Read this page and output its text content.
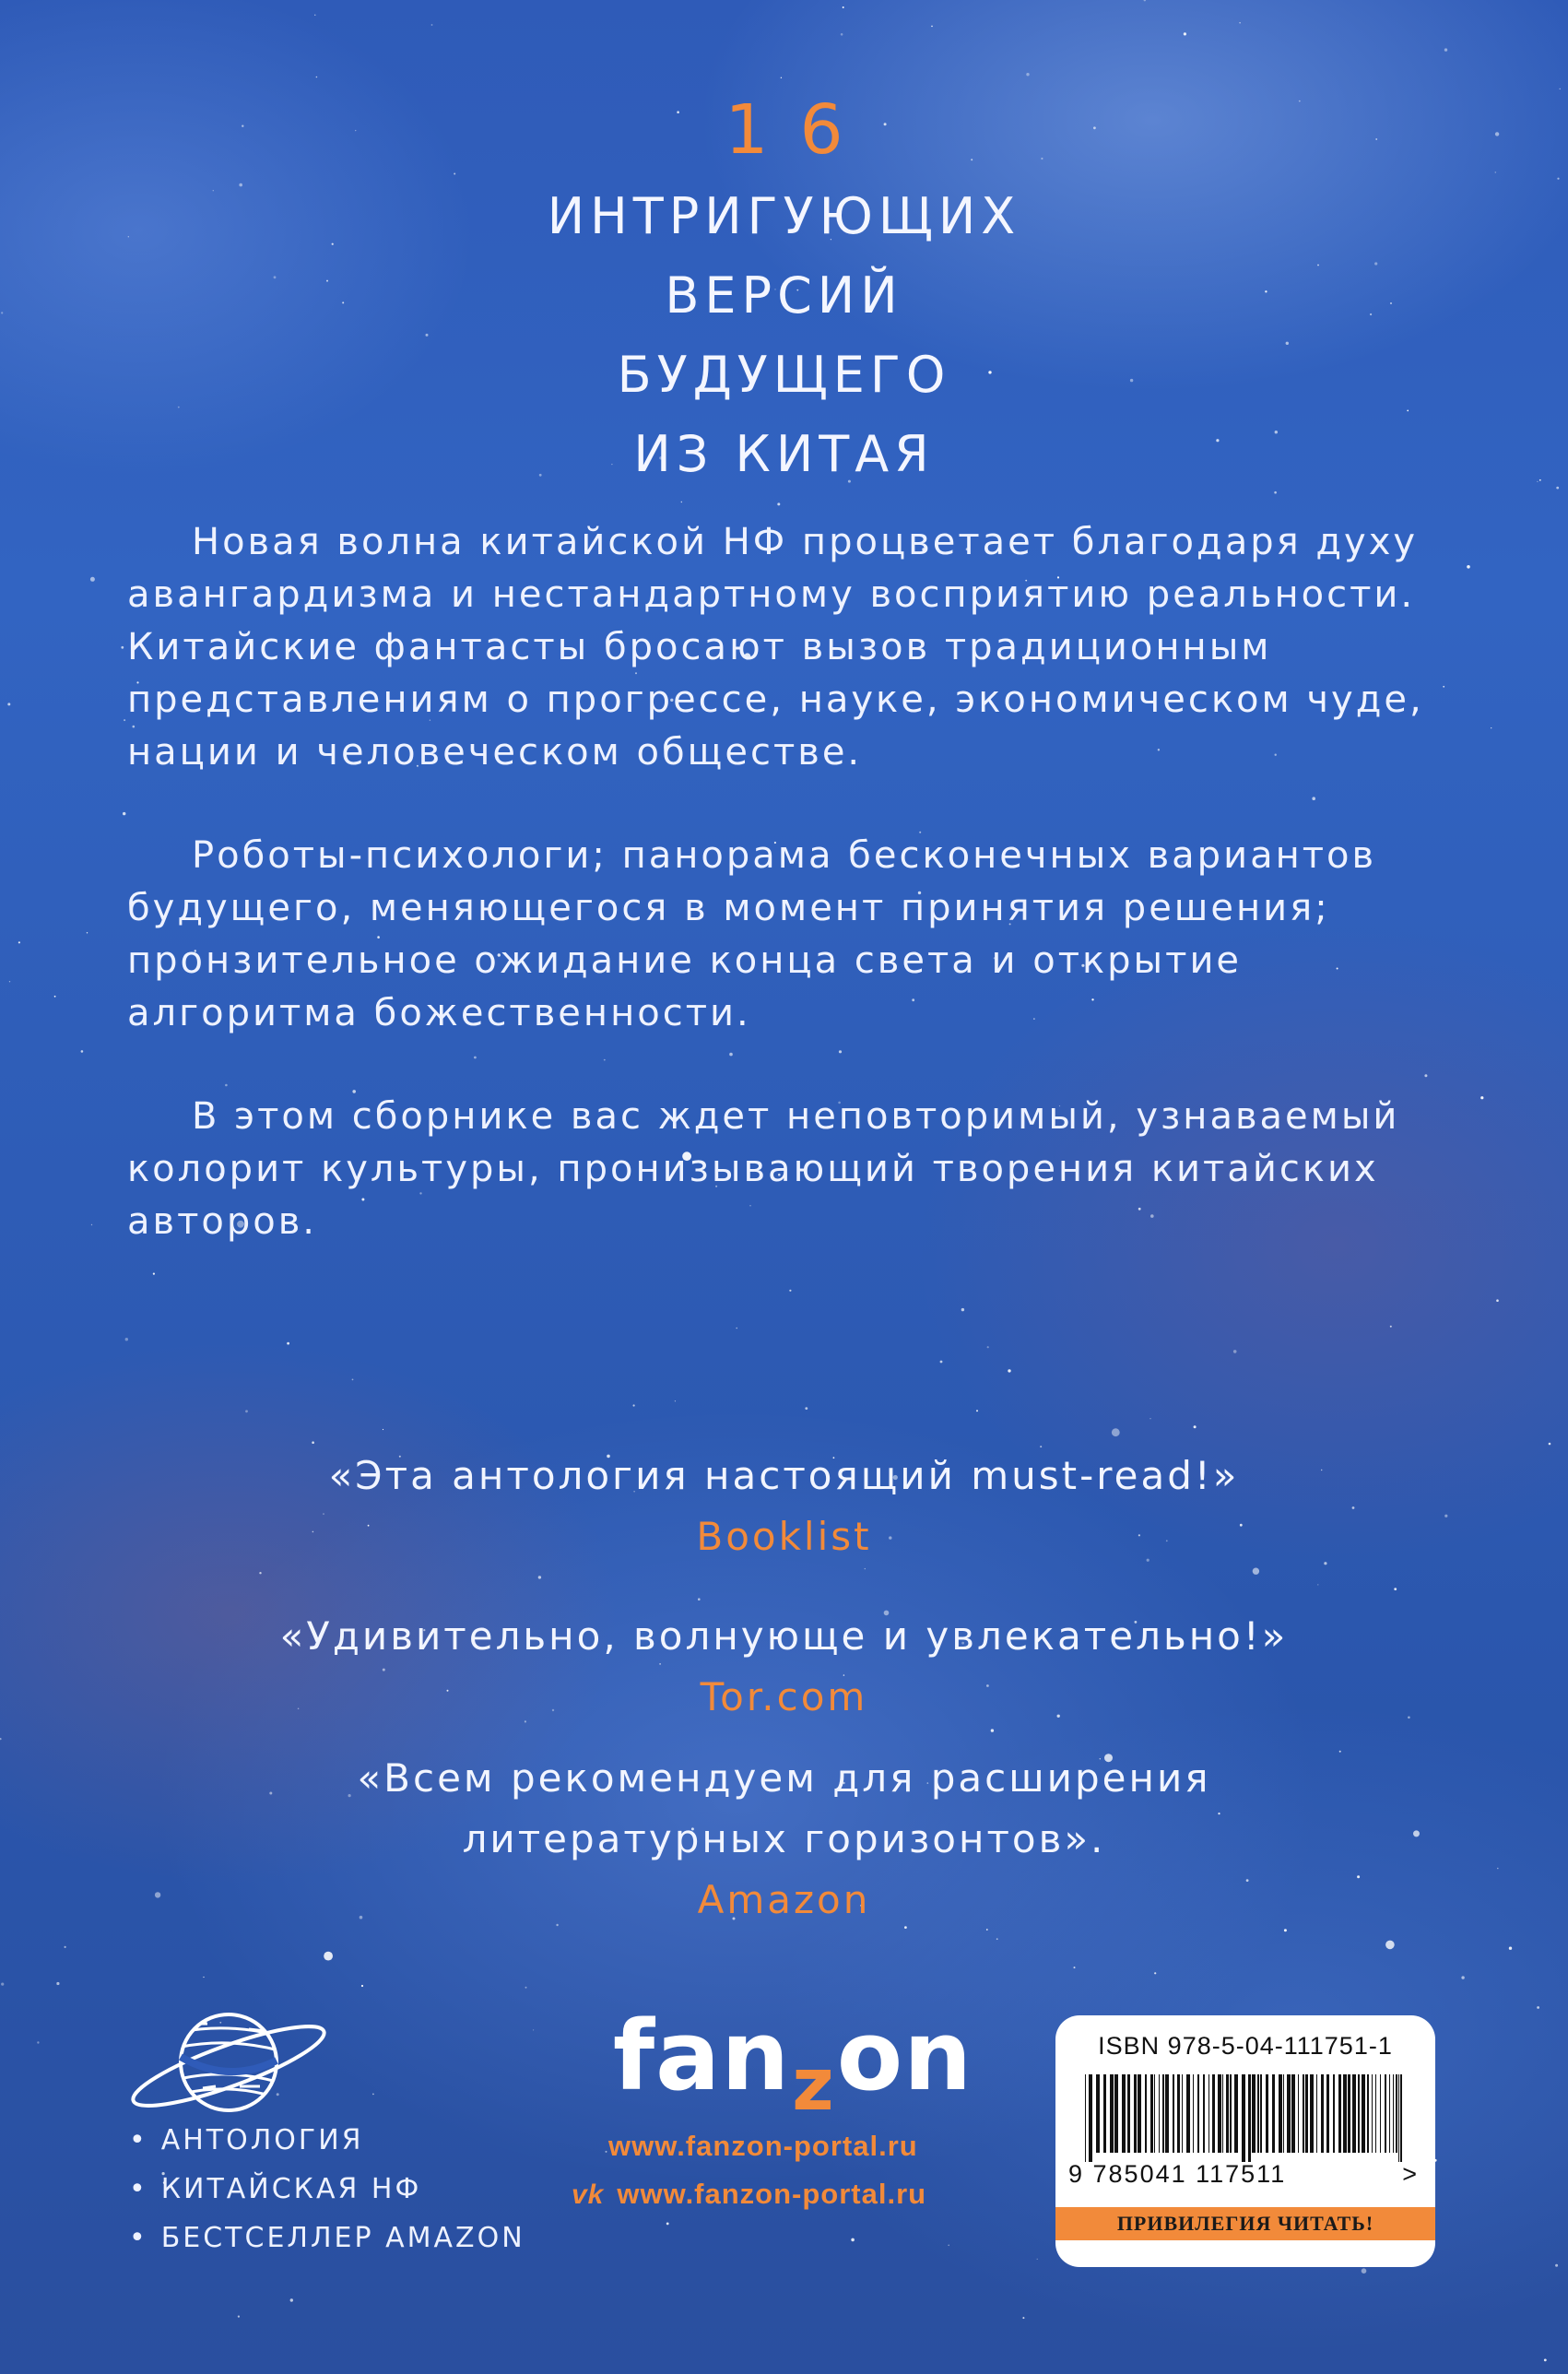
16
ИНТРИГУЮЩИХ
ВЕРСИЙ
БУДУЩЕГО
ИЗ КИТАЯ

Новая волна китайской НФ процветает благодаря духу авангардизма и нестандартному восприятию реальности. Китайские фантасты бросают вызов традиционным представлениям о прогрессе, науке, экономическом чуде, нации и человеческом обществе.

Роботы-психологи; панорама бесконечных вариантов будущего, меняющегося в момент принятия решения; пронзительное ожидание конца света и открытие алгоритма божественности.

В этом сборнике вас ждет неповторимый, узнаваемый колорит культуры, пронизывающий творения китайских авторов.

«Эта антология настоящий must-read!»
Booklist
«Удивительно, волнующе и увлекательно!»
Tor.com
«Всем рекомендуем для расширения
литературных горизонтов».
Amazon
• АНТОЛОГИЯ
• КИТАЙСКАЯ НФ
• БЕСТСЕЛЛЕР AMAZON
fan$_z$on
www.fanzon-portal.ru
vk www.fanzon-portal.ru
ISBN 978-5-04-111751-1
9 785041 117511	>
ПРИВИЛЕГИЯ ЧИТАТЬ!
